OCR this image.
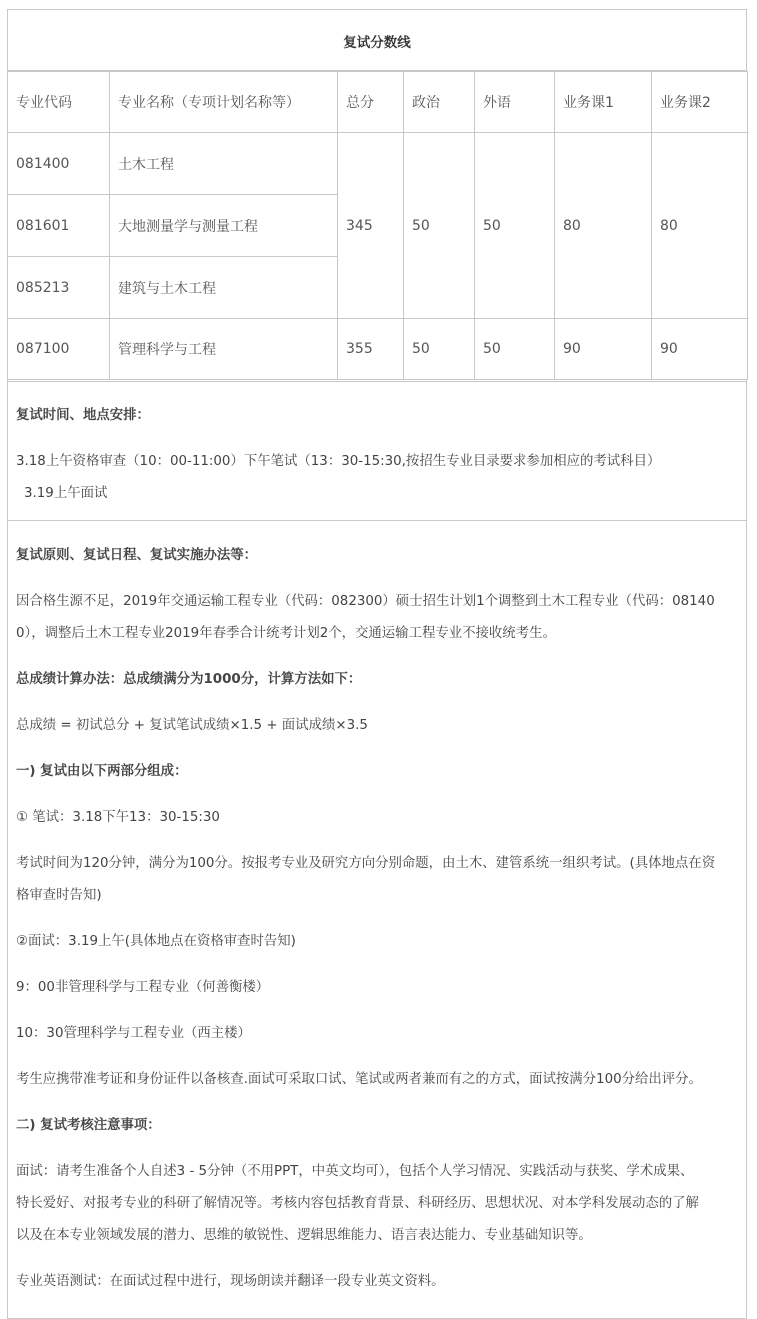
复试分数线
专业代码	专业名称（专项计划名称等）	总分	政治	外语	业务课1	业务课2
081400	土木工程	345	50	50	80	80
081601	大地测量学与测量工程					
085213	建筑与土木工程					
087100	管理科学与工程	355	50	50	90	90
复试时间、地点安排：
3.18上午资格审查（10：00-11:00）下午笔试（13：30-15:30,按招生专业目录要求参加相应的考试科目）
3.19上午面试
复试原则、复试日程、复试实施办法等：
因合格生源不足，2019年交通运输工程专业（代码：082300）硕士招生计划1个调整到土木工程专业（代码：08140
0），调整后土木工程专业2019年春季合计统考计划2个，交通运输工程专业不接收统考生。
总成绩计算办法：总成绩满分为1000分，计算方法如下：
总成绩 = 初试总分 + 复试笔试成绩×1.5 + 面试成绩×3.5
一) 复试由以下两部分组成：
① 笔试：3.18下午13：30-15:30
考试时间为120分钟，满分为100分。按报考专业及研究方向分别命题，由土木、建管系统一组织考试。(具体地点在资
格审查时告知)
②面试：3.19上午(具体地点在资格审查时告知)
9：00非管理科学与工程专业（何善衡楼）
10：30管理科学与工程专业（西主楼）
考生应携带准考证和身份证件以备核查.面试可采取口试、笔试或两者兼而有之的方式，面试按满分100分给出评分。
二) 复试考核注意事项：
面试：请考生准备个人自述3 - 5分钟（不用PPT，中英文均可），包括个人学习情况、实践活动与获奖、学术成果、
特长爱好、对报考专业的科研了解情况等。考核内容包括教育背景、科研经历、思想状况、对本学科发展动态的了解
以及在本专业领域发展的潜力、思维的敏锐性、逻辑思维能力、语言表达能力、专业基础知识等。
专业英语测试：在面试过程中进行，现场朗读并翻译一段专业英文资料。
